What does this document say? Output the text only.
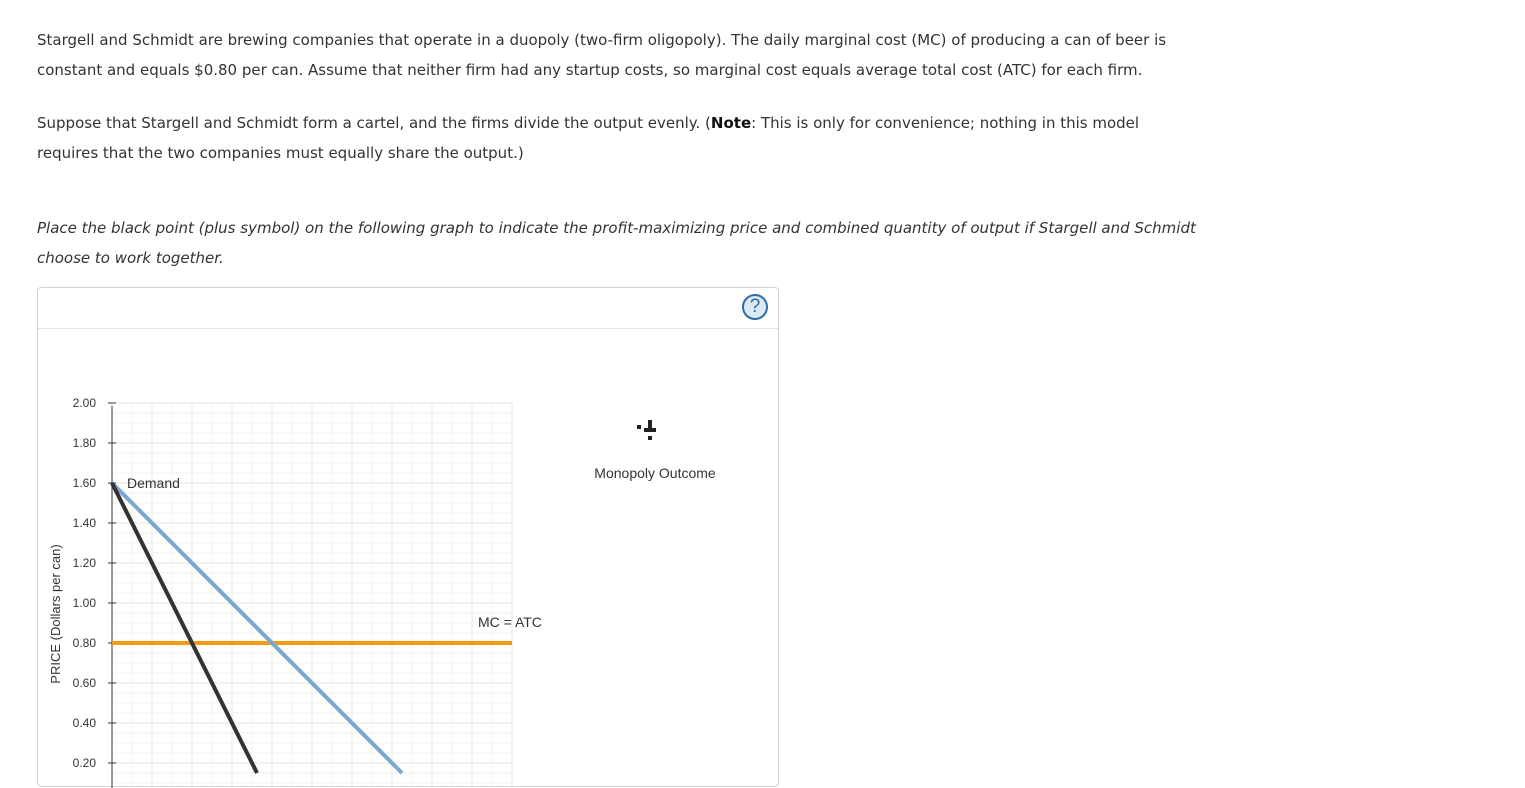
Stargell and Schmidt are brewing companies that operate in a duopoly (two-firm oligopoly). The daily marginal cost (MC) of producing a can of beer is constant and equals $0.80 per can. Assume that neither firm had any startup costs, so marginal cost equals average total cost (ATC) for each firm.

Suppose that Stargell and Schmidt form a cartel, and the firms divide the output evenly. (Note: This is only for convenience; nothing in this model requires that the two companies must equally share the output.)

Place the black point (plus symbol) on the following graph to indicate the profit-maximizing price and combined quantity of output if Stargell and Schmidt choose to work together.

?
2.00
1.80
1.60
1.40
1.20
1.00
0.80
0.60
0.40
0.20
PRICE (Dollars per can)
Demand
MC = ATC
Monopoly Outcome
